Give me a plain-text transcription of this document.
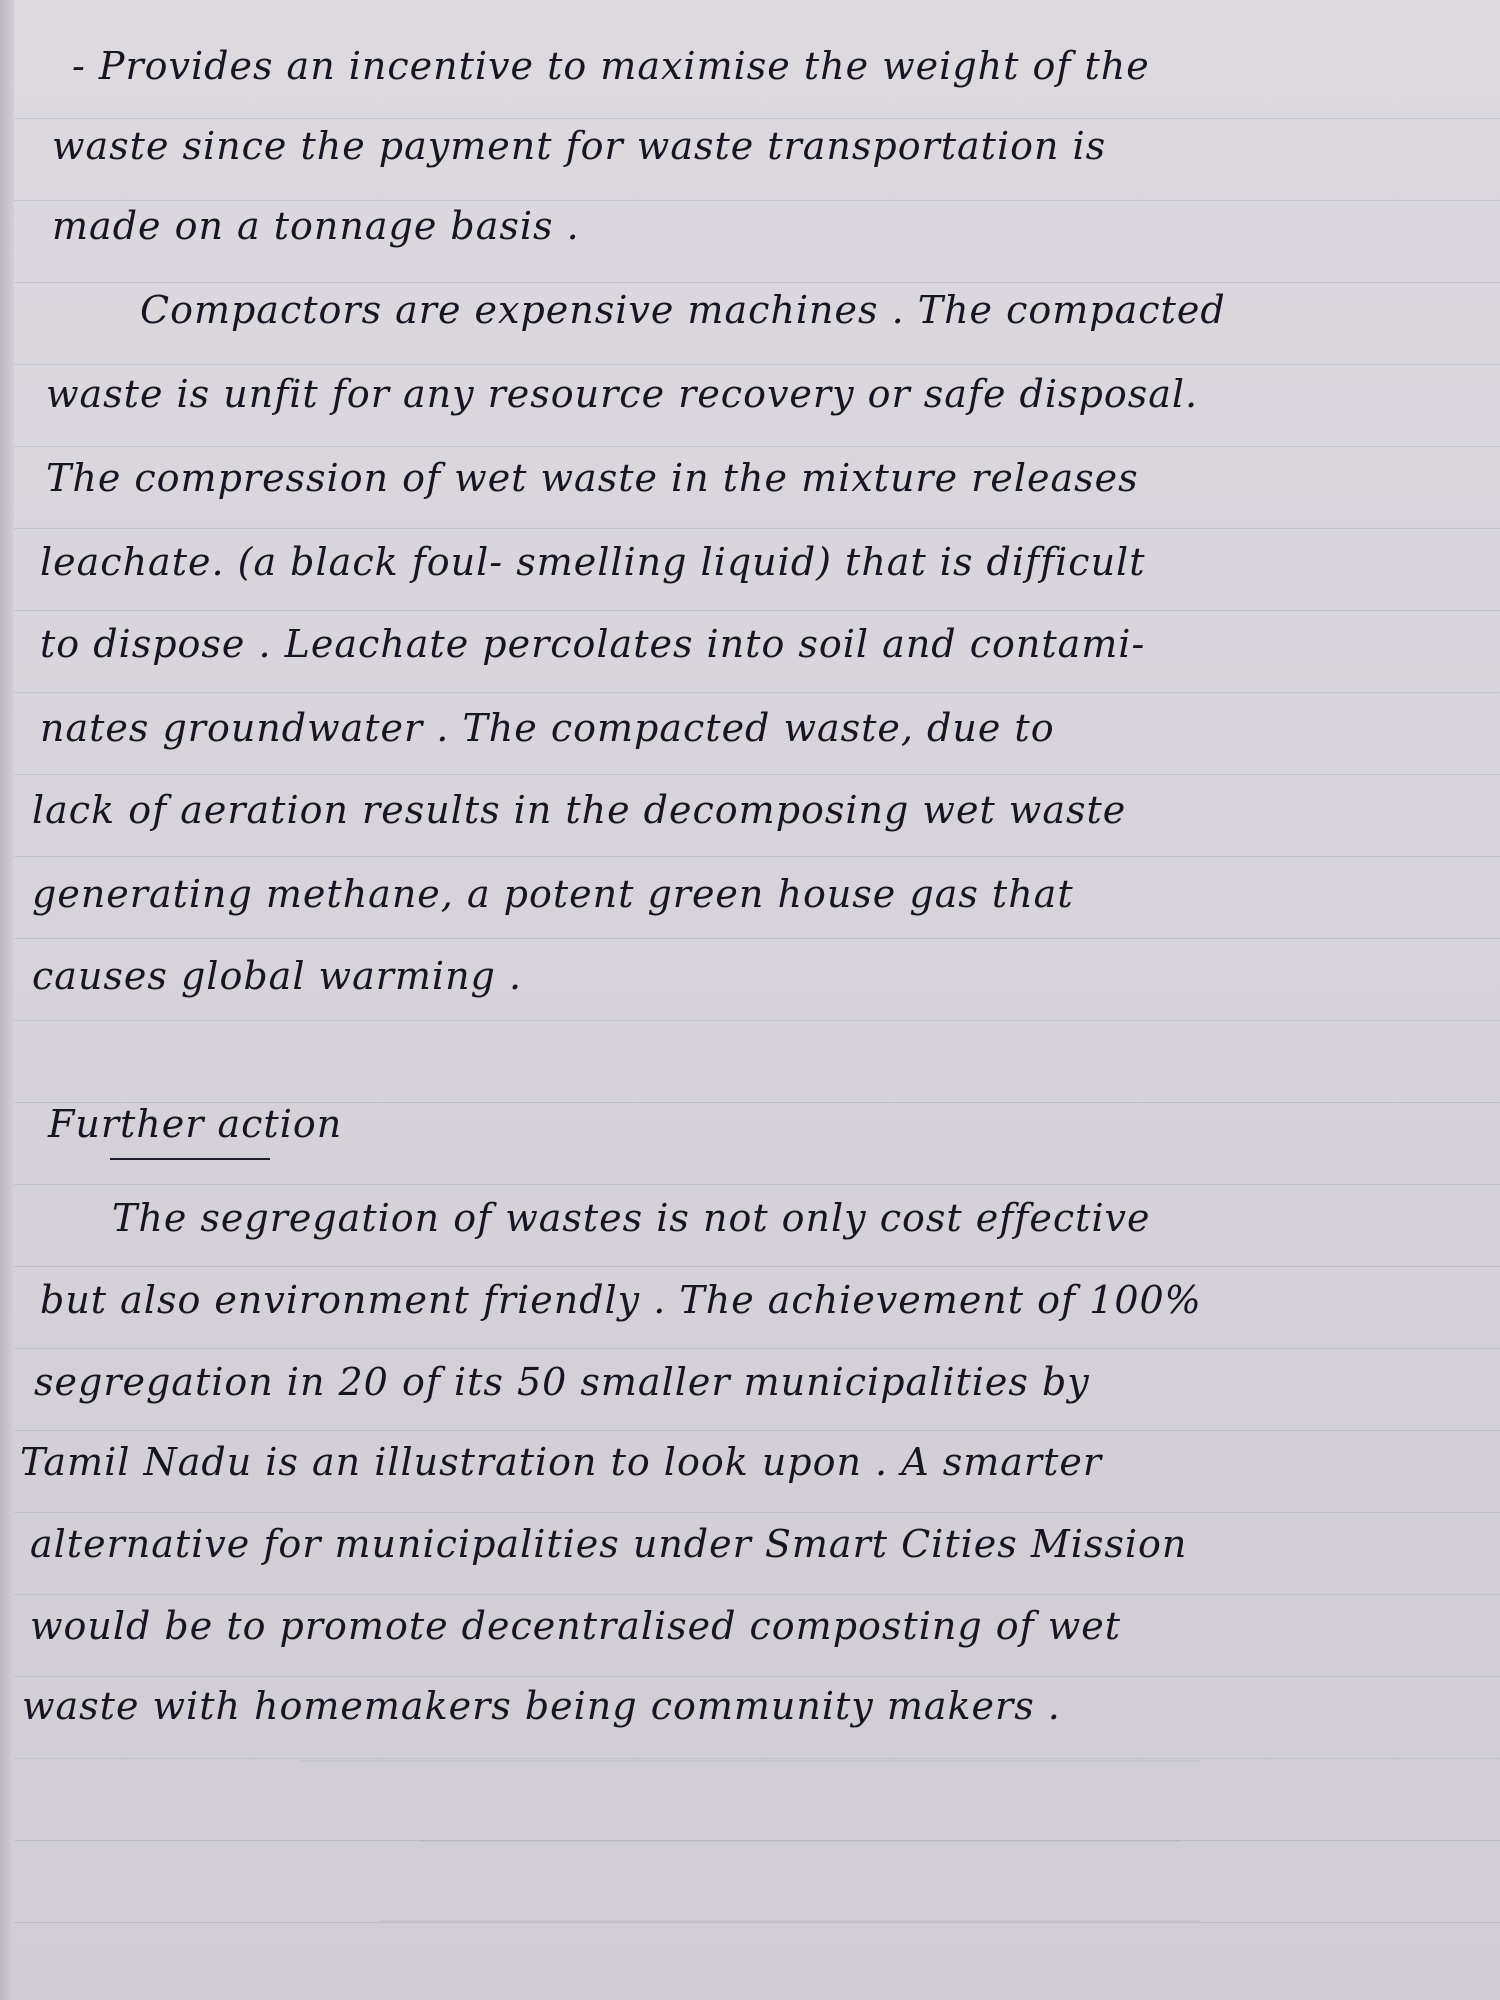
- Provides an incentive to maximise the weight of the
waste since the payment for waste transportation is
made on a tonnage basis .
Compactors are expensive machines . The compacted
waste is unfit for any resource recovery or safe disposal.
The compression of wet waste in the mixture releases
leachate. (a black foul- smelling liquid) that is difficult
to dispose . Leachate percolates into soil and contami-
nates groundwater . The compacted waste, due to
lack of aeration results in the decomposing wet waste
generating methane, a potent green house gas that
causes global warming .
Further action
The segregation of wastes is not only cost effective
but also environment friendly . The achievement of 100%
segregation in 20 of its 50 smaller municipalities by
Tamil Nadu is an illustration to look upon . A smarter
alternative for municipalities under Smart Cities Mission
would be to promote decentralised composting of wet
waste with homemakers being community makers .
